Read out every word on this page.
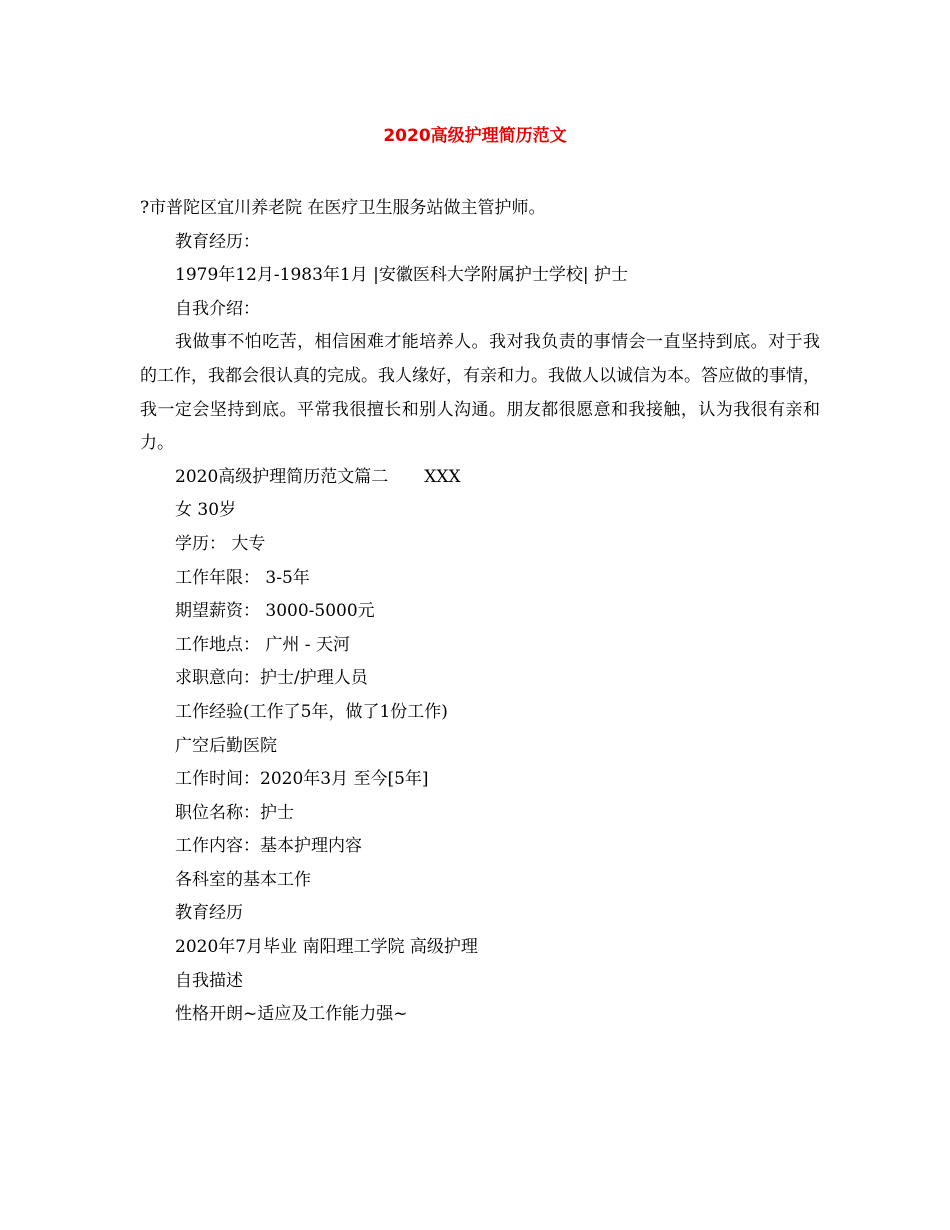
2020高级护理简历范文
?市普陀区宜川养老院 在医疗卫生服务站做主管护师。
教育经历：
1979年12月-1983年1月 |安徽医科大学附属护士学校| 护士
自我介绍：
我做事不怕吃苦，相信困难才能培养人。我对我负责的事情会一直坚持到底。对于我的工作，我都会很认真的完成。我人缘好，有亲和力。我做人以诚信为本。答应做的事情，我一定会坚持到底。平常我很擅长和别人沟通。朋友都很愿意和我接触，认为我很有亲和力。
2020高级护理简历范文篇二 XXX
女 30岁
学历： 大专
工作年限： 3-5年
期望薪资： 3000-5000元
工作地点： 广州 - 天河
求职意向：护士/护理人员
工作经验(工作了5年，做了1份工作)
广空后勤医院
工作时间：2020年3月 至今[5年]
职位名称：护士
工作内容：基本护理内容
各科室的基本工作
教育经历
2020年7月毕业 南阳理工学院 高级护理
自我描述
性格开朗~适应及工作能力强~
